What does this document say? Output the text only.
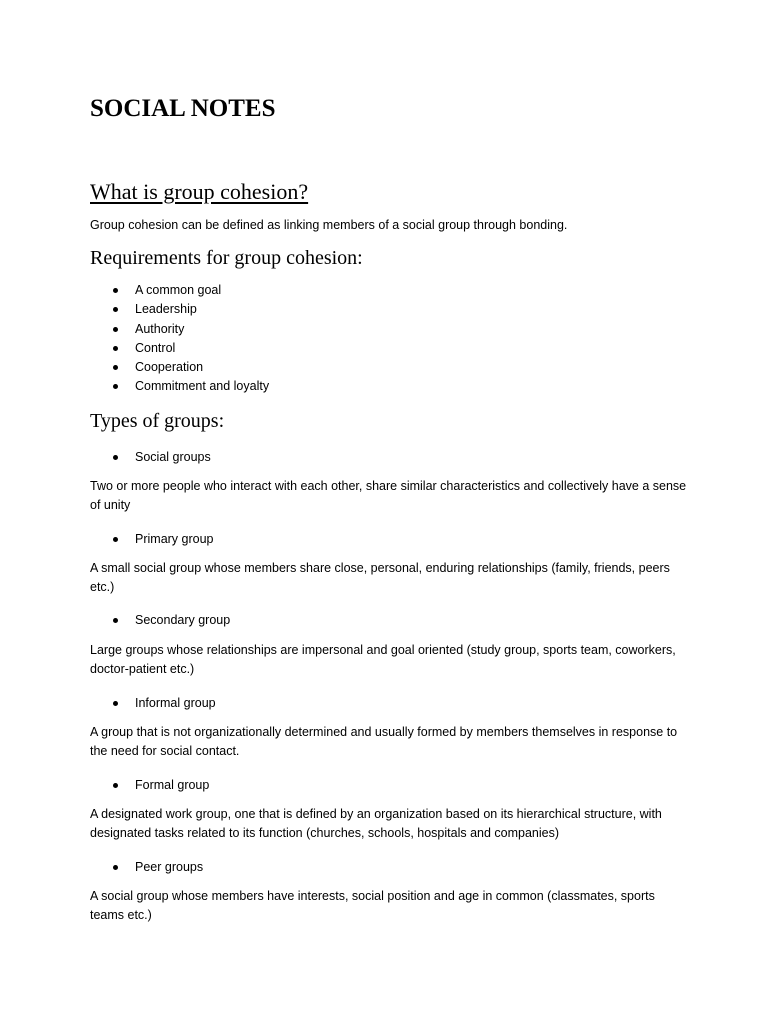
SOCIAL NOTES
What is group cohesion?

Group cohesion can be defined as linking members of a social group through bonding.

Requirements for group cohesion:
A common goal
Leadership
Authority
Control
Cooperation
Commitment and loyalty
Types of groups:
Social groups

Two or more people who interact with each other, share similar characteristics and collectively have a sense of unity

Primary group

A small social group whose members share close, personal, enduring relationships (family, friends, peers etc.)

Secondary group

Large groups whose relationships are impersonal and goal oriented (study group, sports team, coworkers, doctor-patient etc.)

Informal group

A group that is not organizationally determined and usually formed by members themselves in response to the need for social contact.

Formal group

A designated work group, one that is defined by an organization based on its hierarchical structure, with designated tasks related to its function (churches, schools, hospitals and companies)

Peer groups

A social group whose members have interests, social position and age in common (classmates, sports teams etc.)
